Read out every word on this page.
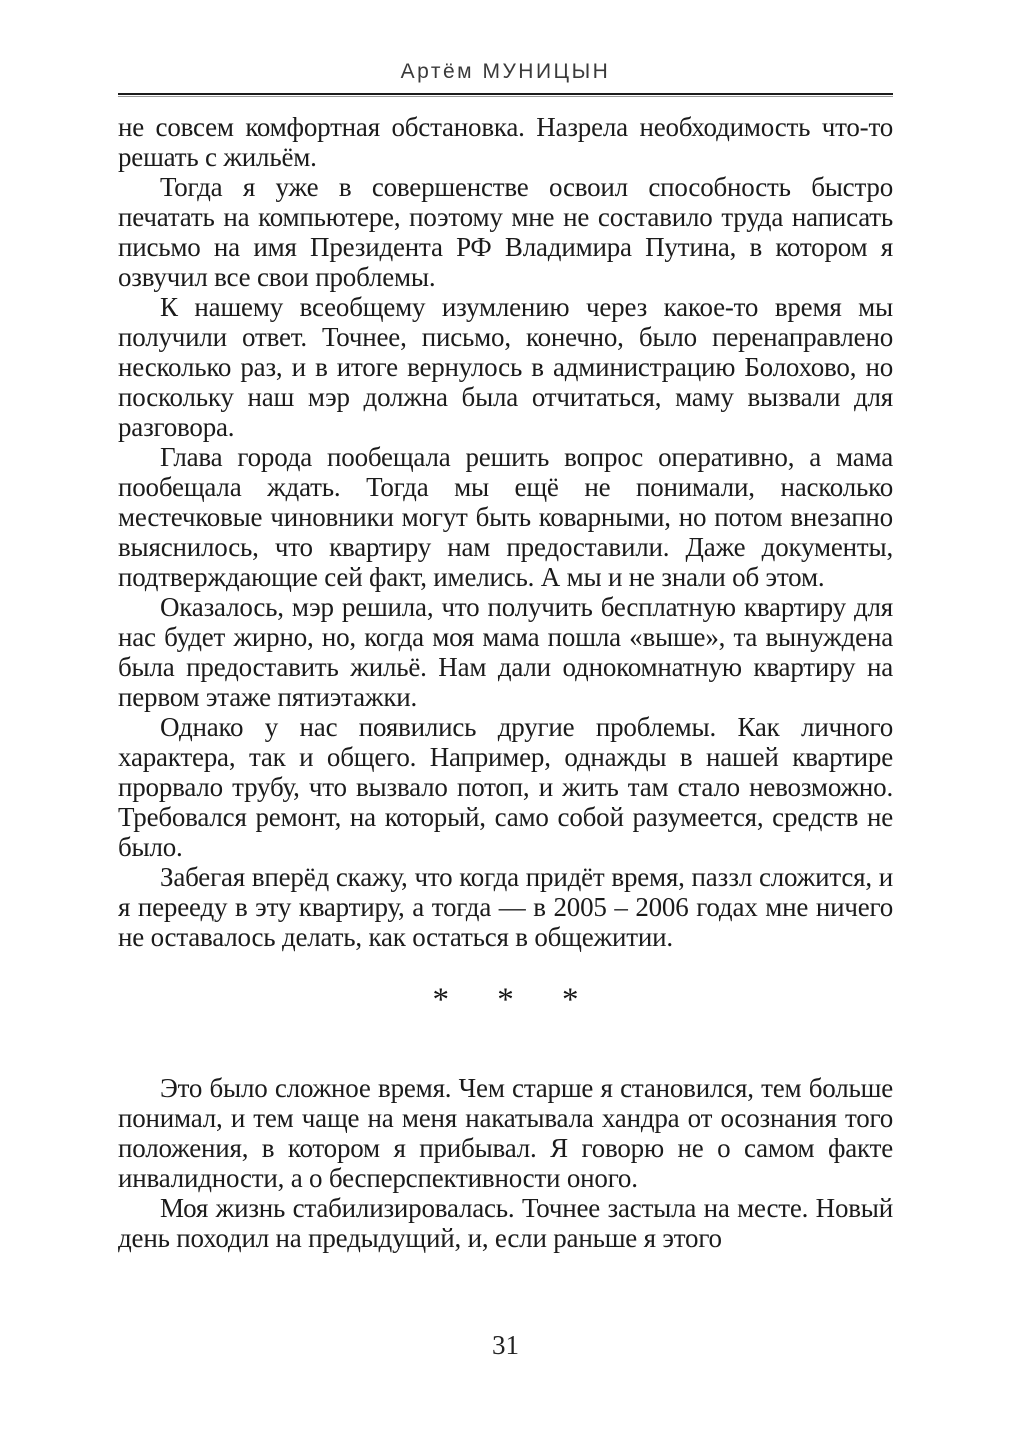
Артём МУНИЦЫН

не совсем комфортная обстановка. Назрела необходимость что-то решать с жильём.

Тогда я уже в совершенстве освоил способность быстро печатать на компьютере, поэтому мне не составило труда написать письмо на имя Президента РФ Владимира Путина, в котором я озвучил все свои проблемы.

К нашему всеобщему изумлению через какое-то время мы получили ответ. Точнее, письмо, конечно, было перенаправлено несколько раз, и в итоге вернулось в администрацию Болохово, но поскольку наш мэр должна была отчитаться, маму вызвали для разговора.

Глава города пообещала решить вопрос оперативно, а мама пообещала ждать. Тогда мы ещё не понимали, насколько местечковые чиновники могут быть коварными, но потом внезапно выяснилось, что квартиру нам предоставили. Даже документы, подтверждающие сей факт, имелись. А мы и не знали об этом.

Оказалось, мэр решила, что получить бесплатную квартиру для нас будет жирно, но, когда моя мама пошла «выше», та вынуждена была предоставить жильё. Нам дали однокомнатную квартиру на первом этаже пятиэтажки.

Однако у нас появились другие проблемы. Как личного характера, так и общего. Например, однажды в нашей квартире прорвало трубу, что вызвало потоп, и жить там стало невозможно. Требовался ремонт, на который, само собой разумеется, средств не было.

Забегая вперёд скажу, что когда придёт время, паззл сложится, и я перееду в эту квартиру, а тогда — в 2005 – 2006 годах мне ничего не оставалось делать, как остаться в общежитии.

* * *

Это было сложное время. Чем старше я становился, тем больше понимал, и тем чаще на меня накатывала хандра от осознания того положения, в котором я прибывал. Я говорю не о самом факте инвалидности, а о бесперспективности оного.

Моя жизнь стабилизировалась. Точнее застыла на месте. Новый день походил на предыдущий, и, если раньше я этого

31
